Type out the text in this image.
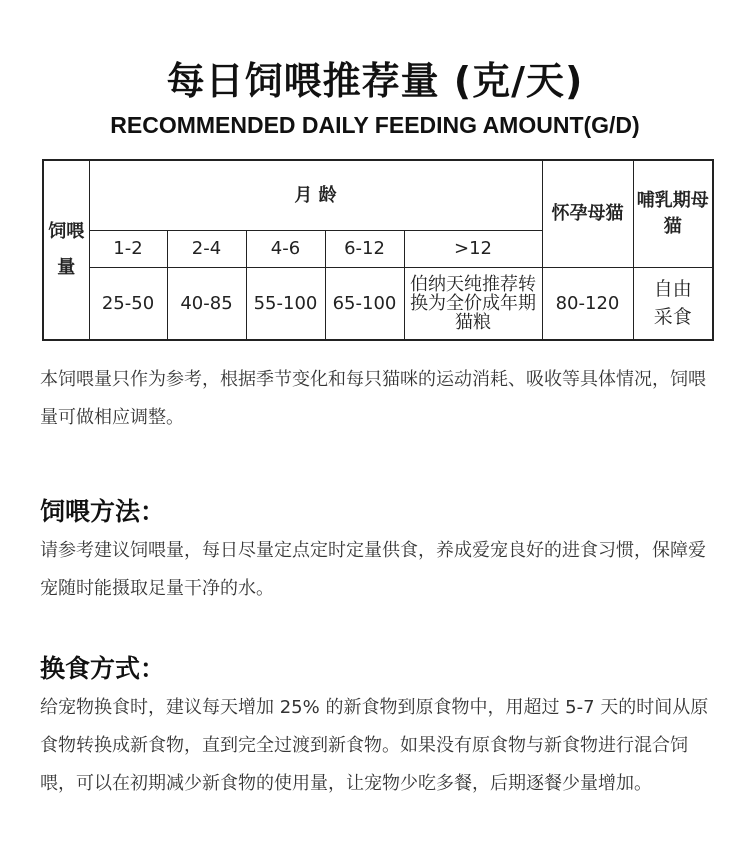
每日饲喂推荐量 (克/天)
RECOMMENDED DAILY FEEDING AMOUNT(G/D)
饲喂量	月 龄					怀孕母猫	哺乳期母猫
	1-2	2-4	4-6	6-12	>12		
	25-50	40-85	55-100	65-100	伯纳天纯推荐转换为全价成年期猫粮	80-120	自由采食
本饲喂量只作为参考，根据季节变化和每只猫咪的运动消耗、吸收等具体情况，饲喂量可做相应调整。
饲喂方法：
请参考建议饲喂量，每日尽量定点定时定量供食，养成爱宠良好的进食习惯，保障爱宠随时能摄取足量干净的水。
换食方式：
给宠物换食时，建议每天增加 25% 的新食物到原食物中，用超过 5-7 天的时间从原食物转换成新食物，直到完全过渡到新食物。如果没有原食物与新食物进行混合饲喂，可以在初期减少新食物的使用量，让宠物少吃多餐，后期逐餐少量增加。
